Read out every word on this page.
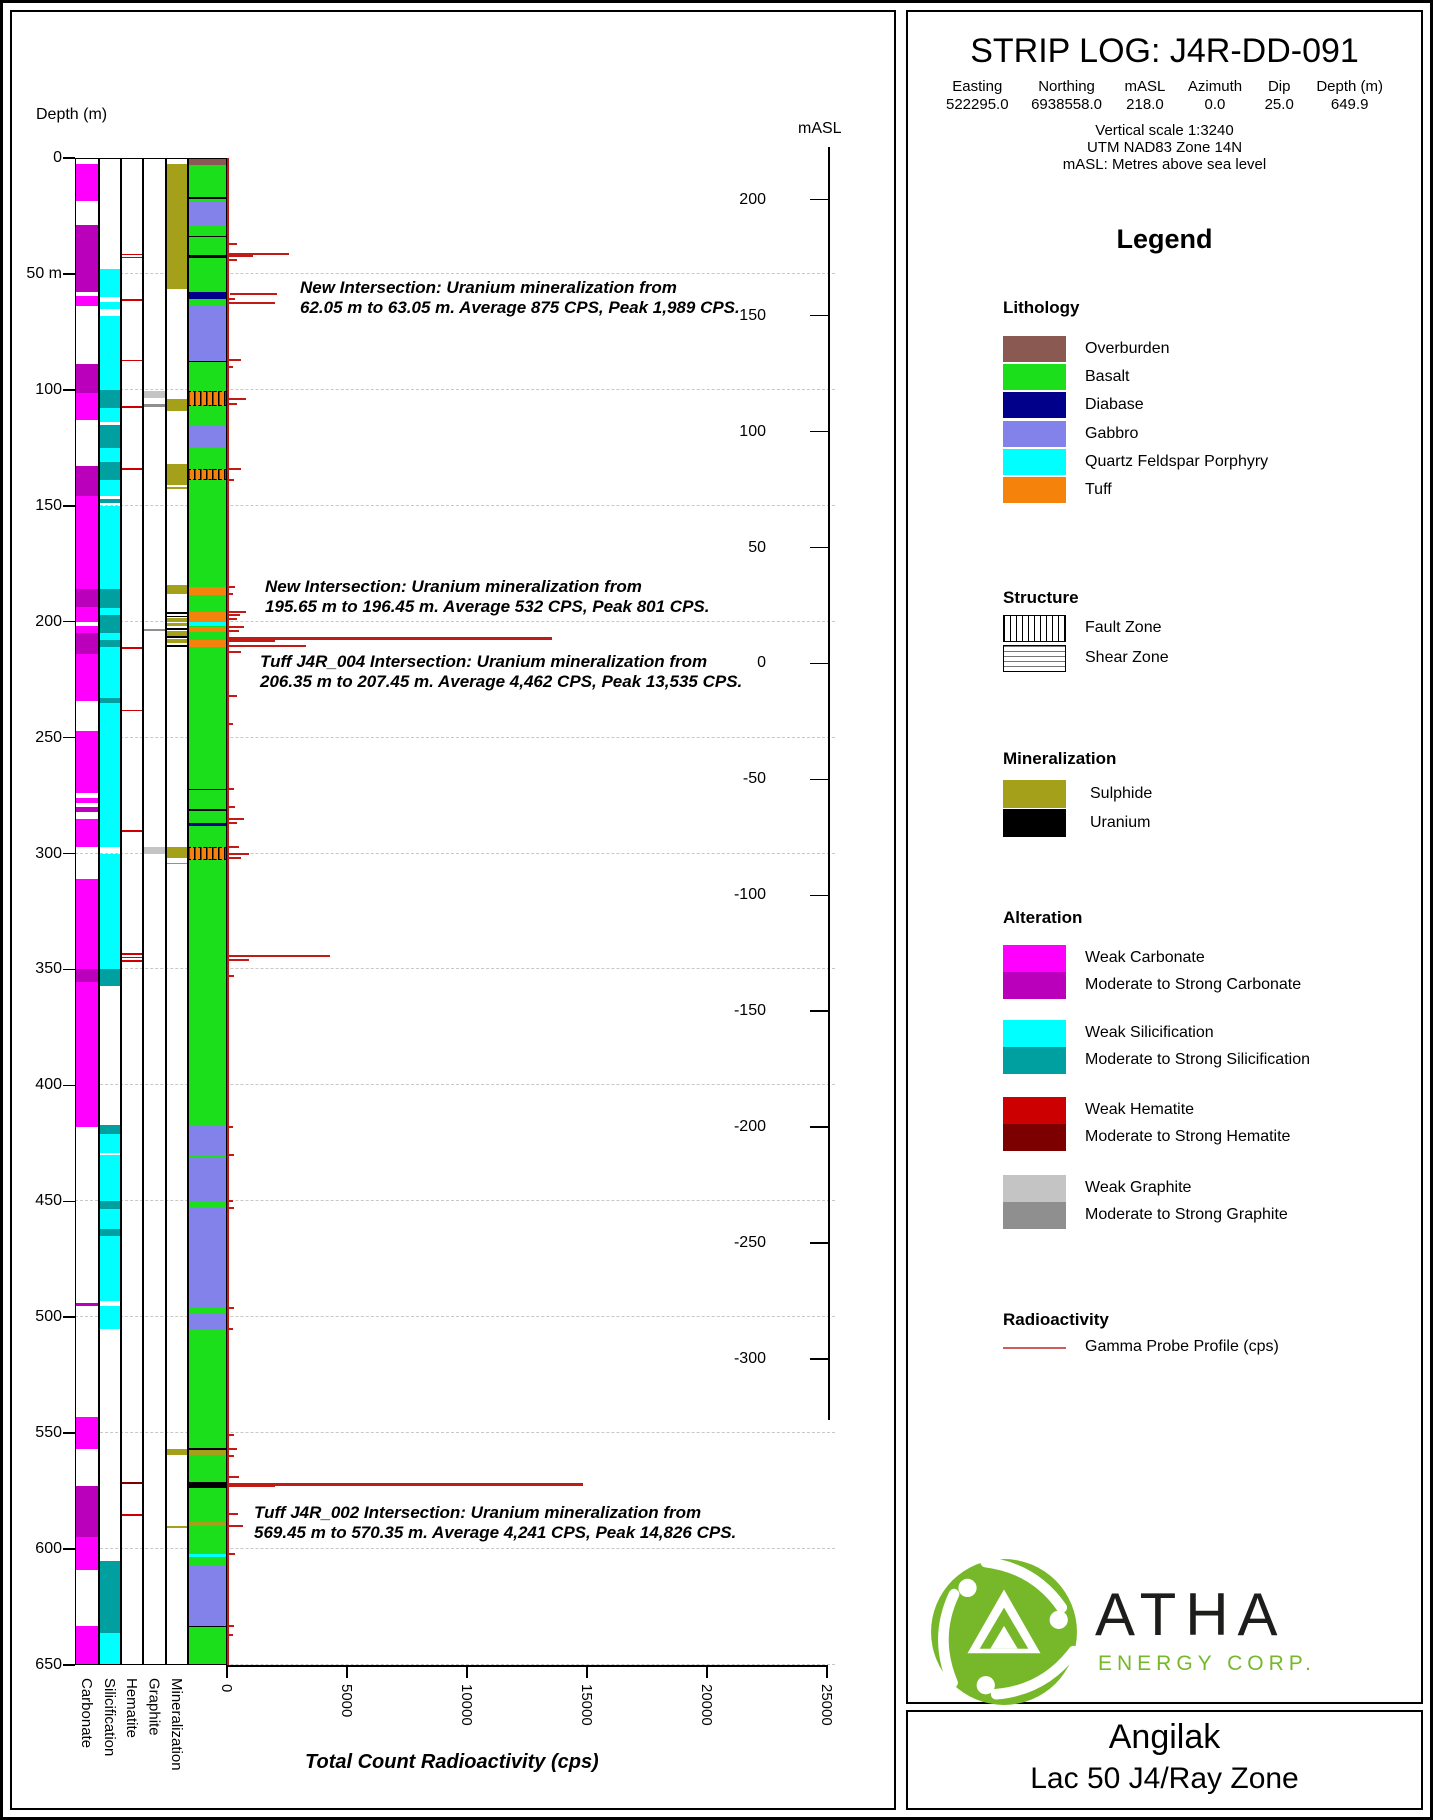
0
50 m
100
150
200
250
300
350
400
450
500
550
600
650
200
150
100
50
0
-50
-100
-150
-200
-250
-300
0	5000	10000	15000	20000	25000
Carbonate Silicification Hematite Graphite Mineralization
New Intersection: Uranium mineralization from
62.05 m to 63.05 m. Average 875 CPS, Peak 1,989 CPS.
New Intersection: Uranium mineralization from
195.65 m to 196.45 m. Average 532 CPS, Peak 801 CPS.
Tuff J4R_004 Intersection: Uranium mineralization from
206.35 m to 207.45 m. Average 4,462 CPS, Peak 13,535 CPS.
Tuff J4R_002 Intersection: Uranium mineralization from
569.45 m to 570.35 m. Average 4,241 CPS, Peak 14,826 CPS.
Depth (m)
mASL
Total Count Radioactivity (cps)
STRIP LOG: J4R-DD-091
Easting
522295.0
Northing
6938558.0
mASL
218.0
Azimuth
0.0
Dip
25.0
Depth (m)
649.9
Vertical scale 1:3240
UTM NAD83 Zone 14N
mASL: Metres above sea level
Legend
Lithology
Structure
Mineralization
Alteration
Radioactivity
ATHA
ENERGY CORP.
Angilak
Lac 50 J4/Ray Zone
Overburden
Basalt
Diabase
Gabbro
Quartz Feldspar Porphyry
Tuff
Fault Zone
Shear Zone
Sulphide
Uranium
Weak Carbonate
Moderate to Strong Carbonate
Weak Silicification
Moderate to Strong Silicification
Weak Hematite
Moderate to Strong Hematite
Weak Graphite
Moderate to Strong Graphite
Gamma Probe Profile (cps)
